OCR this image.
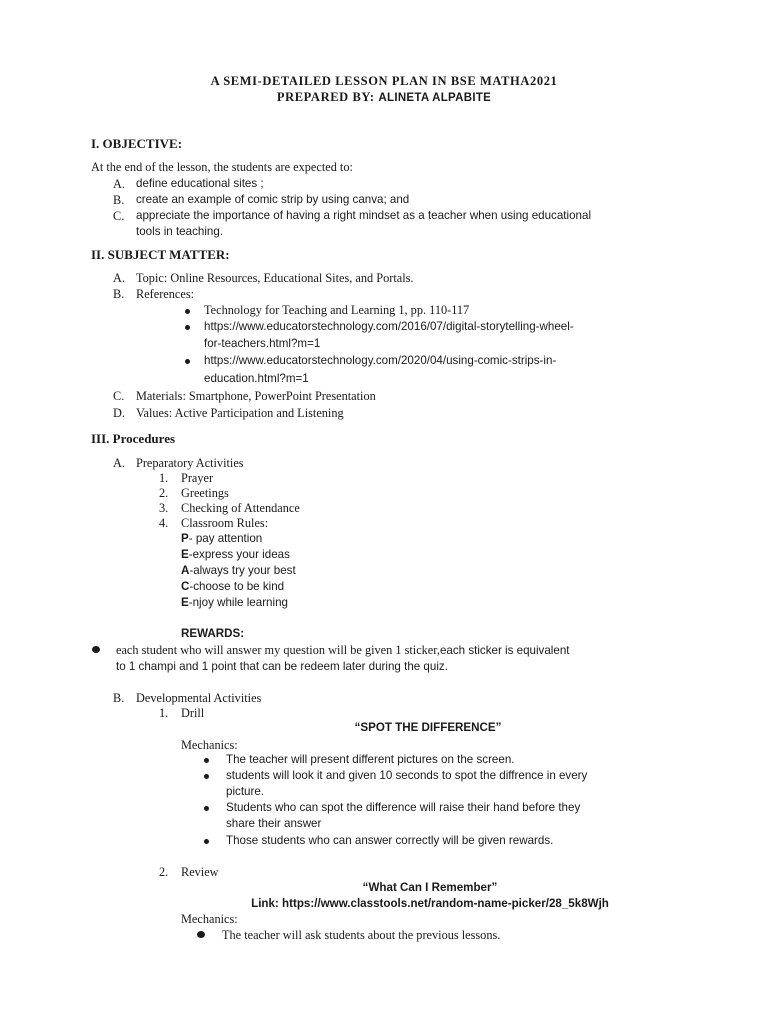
A SEMI-DETAILED LESSON PLAN IN BSE MATHA2021
PREPARED BY: ALINETA ALPABITE
I. OBJECTIVE:
At the end of the lesson, the students are expected to:
A. define educational sites ;
B. create an example of comic strip by using canva; and
C. appreciate the importance of having a right mindset as a teacher when using educational
tools in teaching.
II. SUBJECT MATTER:
A. Topic: Online Resources, Educational Sites, and Portals.
B. References:
Technology for Teaching and Learning 1, pp. 110-117
https://www.educatorstechnology.com/2016/07/digital-storytelling-wheel-
for-teachers.html?m=1
https://www.educatorstechnology.com/2020/04/using-comic-strips-in-
education.html?m=1
C. Materials: Smartphone, PowerPoint Presentation
D. Values: Active Participation and Listening
III. Procedures
A. Preparatory Activities
1. Prayer
2. Greetings
3. Checking of Attendance
4. Classroom Rules:
P- pay attention
E-express your ideas
A-always try your best
C-choose to be kind
E-njoy while learning
REWARDS:
each student who will answer my question will be given 1 sticker,each sticker is equivalent
to 1 champi and 1 point that can be redeem later during the quiz.
B. Developmental Activities
1. Drill
“SPOT THE DIFFERENCE”
Mechanics:
The teacher will present different pictures on the screen.
students will look it and given 10 seconds to spot the diffrence in every
picture.
Students who can spot the difference will raise their hand before they
share their answer
Those students who can answer correctly will be given rewards.
2. Review
“What Can I Remember”
Link: https://www.classtools.net/random-name-picker/28_5k8Wjh
Mechanics:
The teacher will ask students about the previous lessons.
